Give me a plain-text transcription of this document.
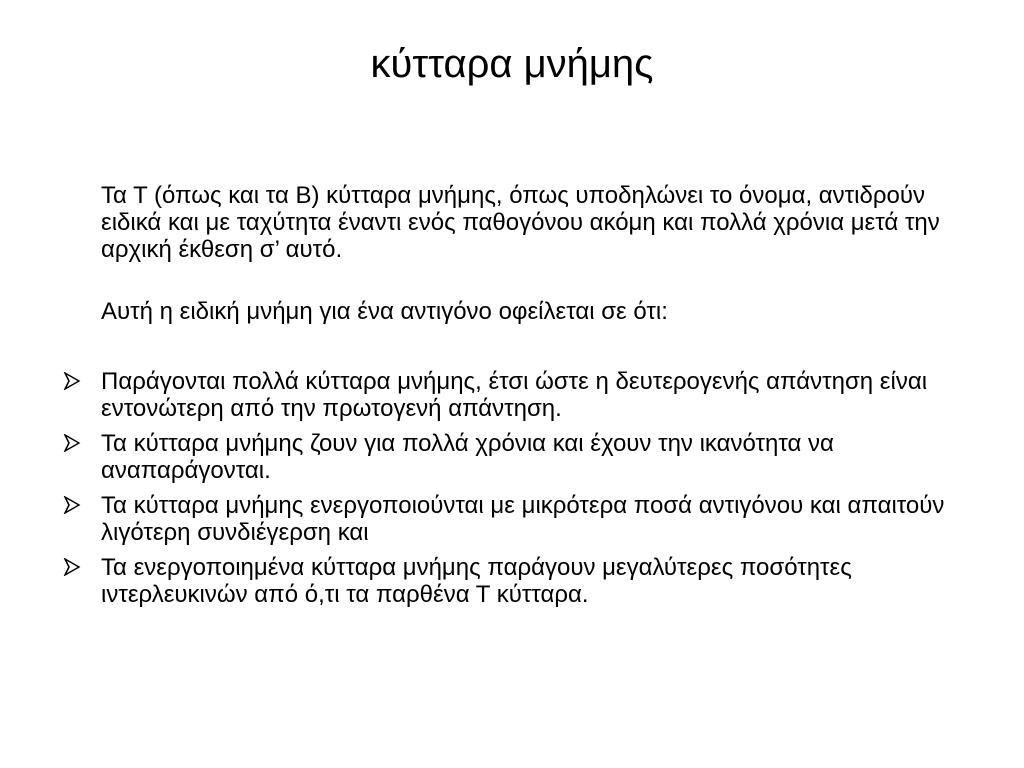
κύτταρα μνήμης

Τα Τ (όπως και τα Β) κύτταρα μνήμης, όπως υποδηλώνει το όνομα, αντιδρούν ειδικά και με ταχύτητα έναντι ενός παθογόνου ακόμη και πολλά χρόνια μετά την αρχική έκθεση σ’ αυτό.

Αυτή η ειδική μνήμη για ένα αντιγόνο οφείλεται σε ότι:

Παράγονται πολλά κύτταρα μνήμης, έτσι ώστε η δευτερογενής απάντηση είναι εντονώτερη από την πρωτογενή απάντηση.
Τα κύτταρα μνήμης ζουν για πολλά χρόνια και έχουν την ικανότητα να αναπαράγονται.
Τα κύτταρα μνήμης ενεργοποιούνται με μικρότερα ποσά αντιγόνου και απαιτούν λιγότερη συνδιέγερση και
Τα ενεργοποιημένα κύτταρα μνήμης παράγουν μεγαλύτερες ποσότητες ιντερλευκινών από ό,τι τα παρθένα Τ κύτταρα.
